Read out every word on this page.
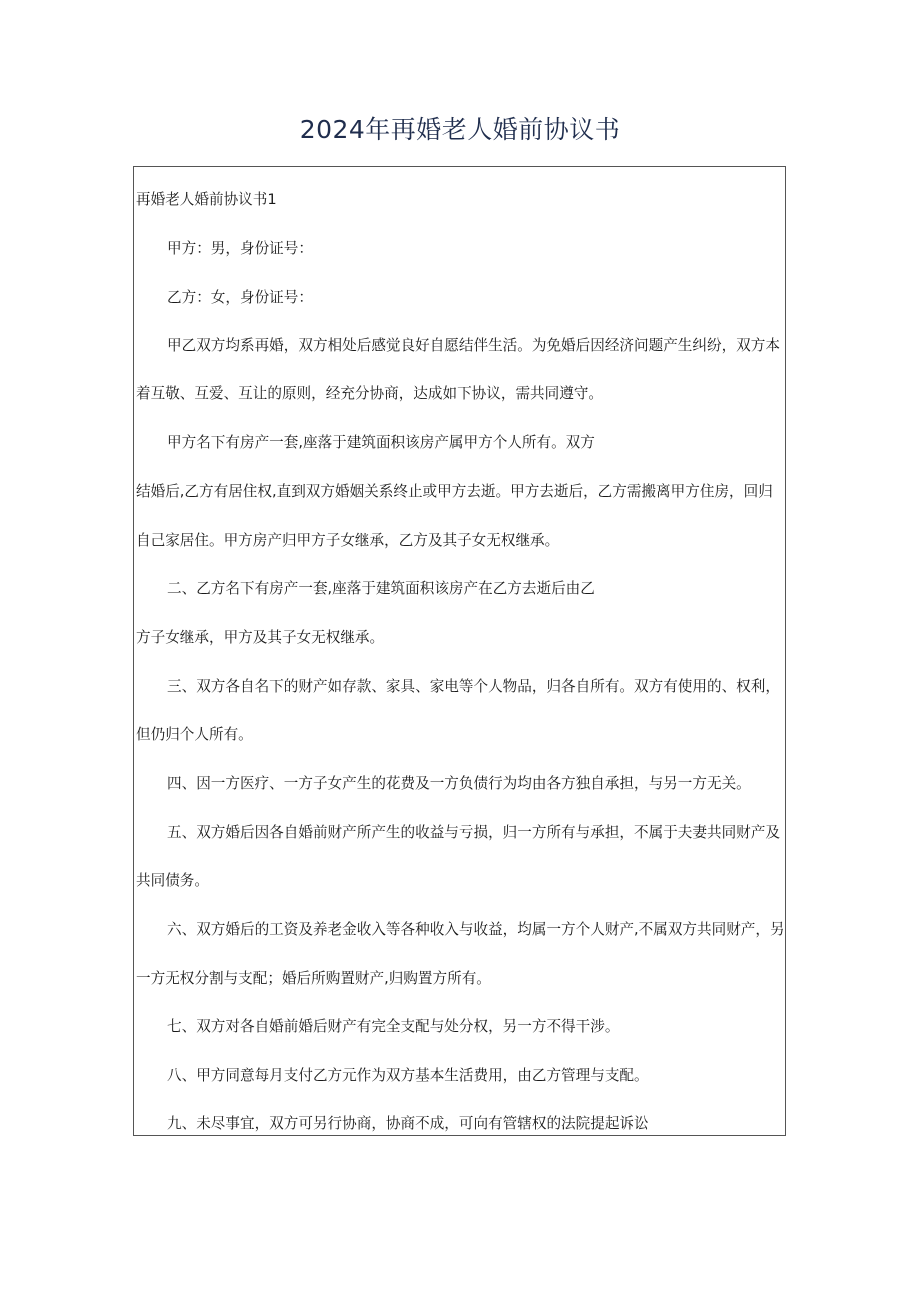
2024年再婚老人婚前协议书
再婚老人婚前协议书1
甲方：男，身份证号：
乙方：女，身份证号：
甲乙双方均系再婚，双方相处后感觉良好自愿结伴生活。为免婚后因经济问题产生纠纷，双方本
着互敬、互爱、互让的原则，经充分协商，达成如下协议，需共同遵守。
甲方名下有房产一套,座落于建筑面积该房产属甲方个人所有。双方
结婚后,乙方有居住权,直到双方婚姻关系终止或甲方去逝。甲方去逝后，乙方需搬离甲方住房，回归
自己家居住。甲方房产归甲方子女继承，乙方及其子女无权继承。
二、乙方名下有房产一套,座落于建筑面积该房产在乙方去逝后由乙
方子女继承，甲方及其子女无权继承。
三、双方各自名下的财产如存款、家具、家电等个人物品，归各自所有。双方有使用的、权利，
但仍归个人所有。
四、因一方医疗、一方子女产生的花费及一方负债行为均由各方独自承担，与另一方无关。
五、双方婚后因各自婚前财产所产生的收益与亏损，归一方所有与承担，不属于夫妻共同财产及
共同债务。
六、双方婚后的工资及养老金收入等各种收入与收益，均属一方个人财产,不属双方共同财产，另
一方无权分割与支配；婚后所购置财产,归购置方所有。
七、双方对各自婚前婚后财产有完全支配与处分权，另一方不得干涉。
八、甲方同意每月支付乙方元作为双方基本生活费用，由乙方管理与支配。
九、未尽事宜，双方可另行协商，协商不成，可向有管辖权的法院提起诉讼
